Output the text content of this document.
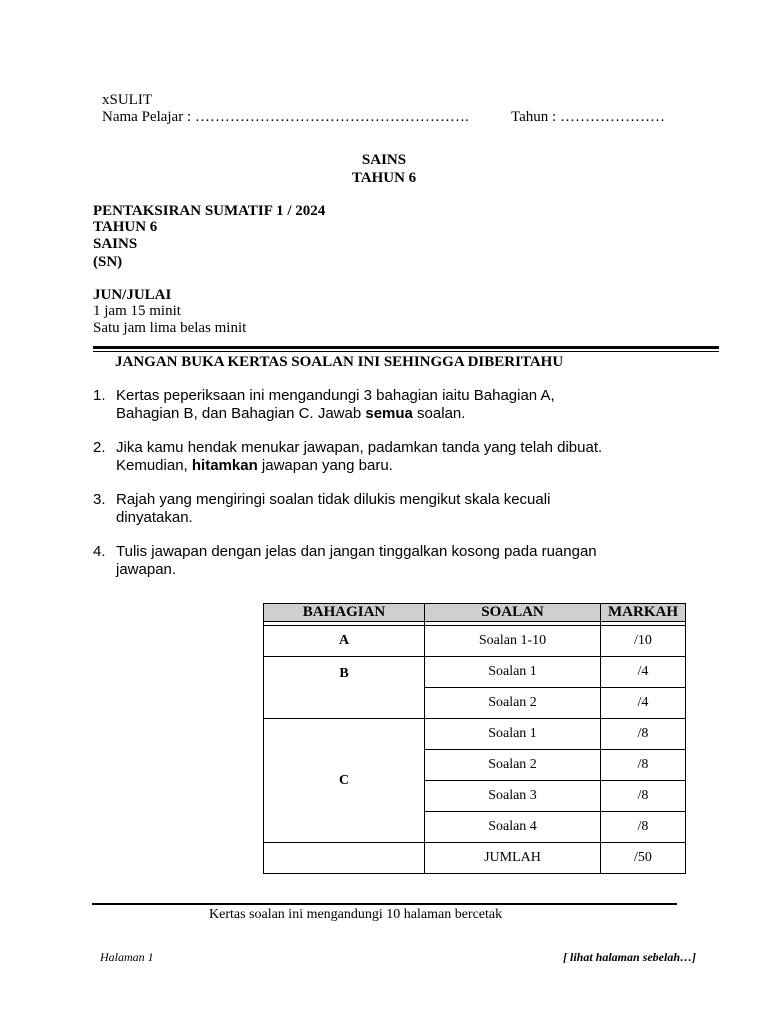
xSULIT
Nama Pelajar : ……………………………………………….	Tahun : …………………
SAINS
TAHUN 6
PENTAKSIRAN SUMATIF 1 / 2024
TAHUN 6
SAINS
(SN)
JUN/JULAI
1 jam 15 minit
Satu jam lima belas minit
JANGAN BUKA KERTAS SOALAN INI SEHINGGA DIBERITAHU
1. Kertas peperiksaan ini mengandungi 3 bahagian iaitu Bahagian A, Bahagian B, dan Bahagian C. Jawab semua soalan.
2. Jika kamu hendak menukar jawapan, padamkan tanda yang telah dibuat. Kemudian, hitamkan jawapan yang baru.
3. Rajah yang mengiringi soalan tidak dilukis mengikut skala kecuali dinyatakan.
4. Tulis jawapan dengan jelas dan jangan tinggalkan kosong pada ruangan jawapan.
BAHAGIAN	SOALAN	MARKAH

A	Soalan 1-10	/10
B	Soalan 1	/4
	Soalan 2	/4
C	Soalan 1	/8
	Soalan 2	/8
	Soalan 3	/8
	Soalan 4	/8
	JUMLAH	/50
Kertas soalan ini mengandungi 10 halaman bercetak
Halaman 1	[ lihat halaman sebelah…]
